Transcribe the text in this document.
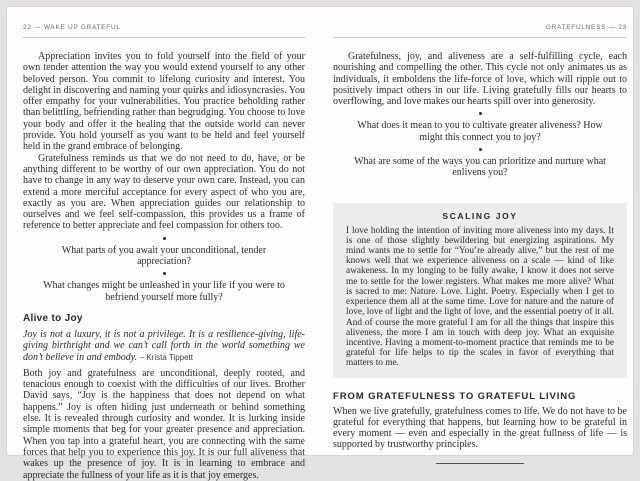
22 — WAKE UP GRATEFUL

Appreciation invites you to fold yourself into the field of your own tender attention the way you would extend yourself to any other beloved person. You commit to lifelong curiosity and interest. You delight in discovering and naming your quirks and idiosyncrasies. You offer empathy for your vulnerabilities. You practice beholding rather than belittling, befriending rather than begrudging. You choose to love your body and offer it the healing that the outside world can never provide. You hold yourself as you want to be held and feel yourself held in the grand embrace of belonging.

Gratefulness reminds us that we do not need to do, have, or be anything different to be worthy of our own appreciation. You do not have to change in any way to deserve your own care. Instead, you can extend a more merciful acceptance for every aspect of who you are, exactly as you are. When appreciation guides our relationship to ourselves and we feel self-compassion, this provides us a frame of reference to better appreciate and feel compassion for others too.

What parts of you await your unconditional, tender appreciation?

What changes might be unleashed in your life if you were to befriend yourself more fully?

Alive to Joy

Joy is not a luxury, it is not a privilege. It is a resilience-giving, life-giving birthright and we can’t call forth in the world something we don’t believe in and embody. – Krista Tippett

Both joy and gratefulness are unconditional, deeply rooted, and tenacious enough to coexist with the difficulties of our lives. Brother David says, “Joy is the happiness that does not depend on what happens.” Joy is often hiding just underneath or behind something else. It is revealed through curiosity and wonder. It is lurking inside simple moments that beg for your greater presence and appreciation. When you tap into a grateful heart, you are connecting with the same forces that help you to experience this joy. It is our full aliveness that wakes up the presence of joy. It is in learning to embrace and appreciate the fullness of your life as it is that joy emerges.

GRATEFULNESS — 23

Gratefulness, joy, and aliveness are a self-fulfilling cycle, each nourishing and compelling the other. This cycle not only animates us as individuals, it emboldens the life-force of love, which will ripple out to positively impact others in our life. Living gratefully fills our hearts to overflowing, and love makes our hearts spill over into generosity.

What does it mean to you to cultivate greater aliveness? How might this connect you to joy?

What are some of the ways you can prioritize and nurture what enlivens you?

SCALING JOY

I love holding the intention of inviting more aliveness into my days. It is one of those slightly bewildering but energizing aspirations. My mind wants me to settle for “You’re already alive,” but the rest of me knows well that we experience aliveness on a scale — kind of like awakeness. In my longing to be fully awake, I know it does not serve me to settle for the lower registers. What makes me more alive? What is sacred to me: Nature. Love. Light. Poetry. Especially when I get to experience them all at the same time. Love for nature and the nature of love, love of light and the light of love, and the essential poetry of it all. And of course the more grateful I am for all the things that inspire this aliveness, the more I am in touch with deep joy. What an exquisite incentive. Having a moment-to-moment practice that reminds me to be grateful for life helps to tip the scales in favor of everything that matters to me.

FROM GRATEFULNESS TO GRATEFUL LIVING

When we live gratefully, gratefulness comes to life. We do not have to be grateful for everything that happens, but learning how to be grateful in every moment — even and especially in the great fullness of life — is supported by trustworthy principles.
